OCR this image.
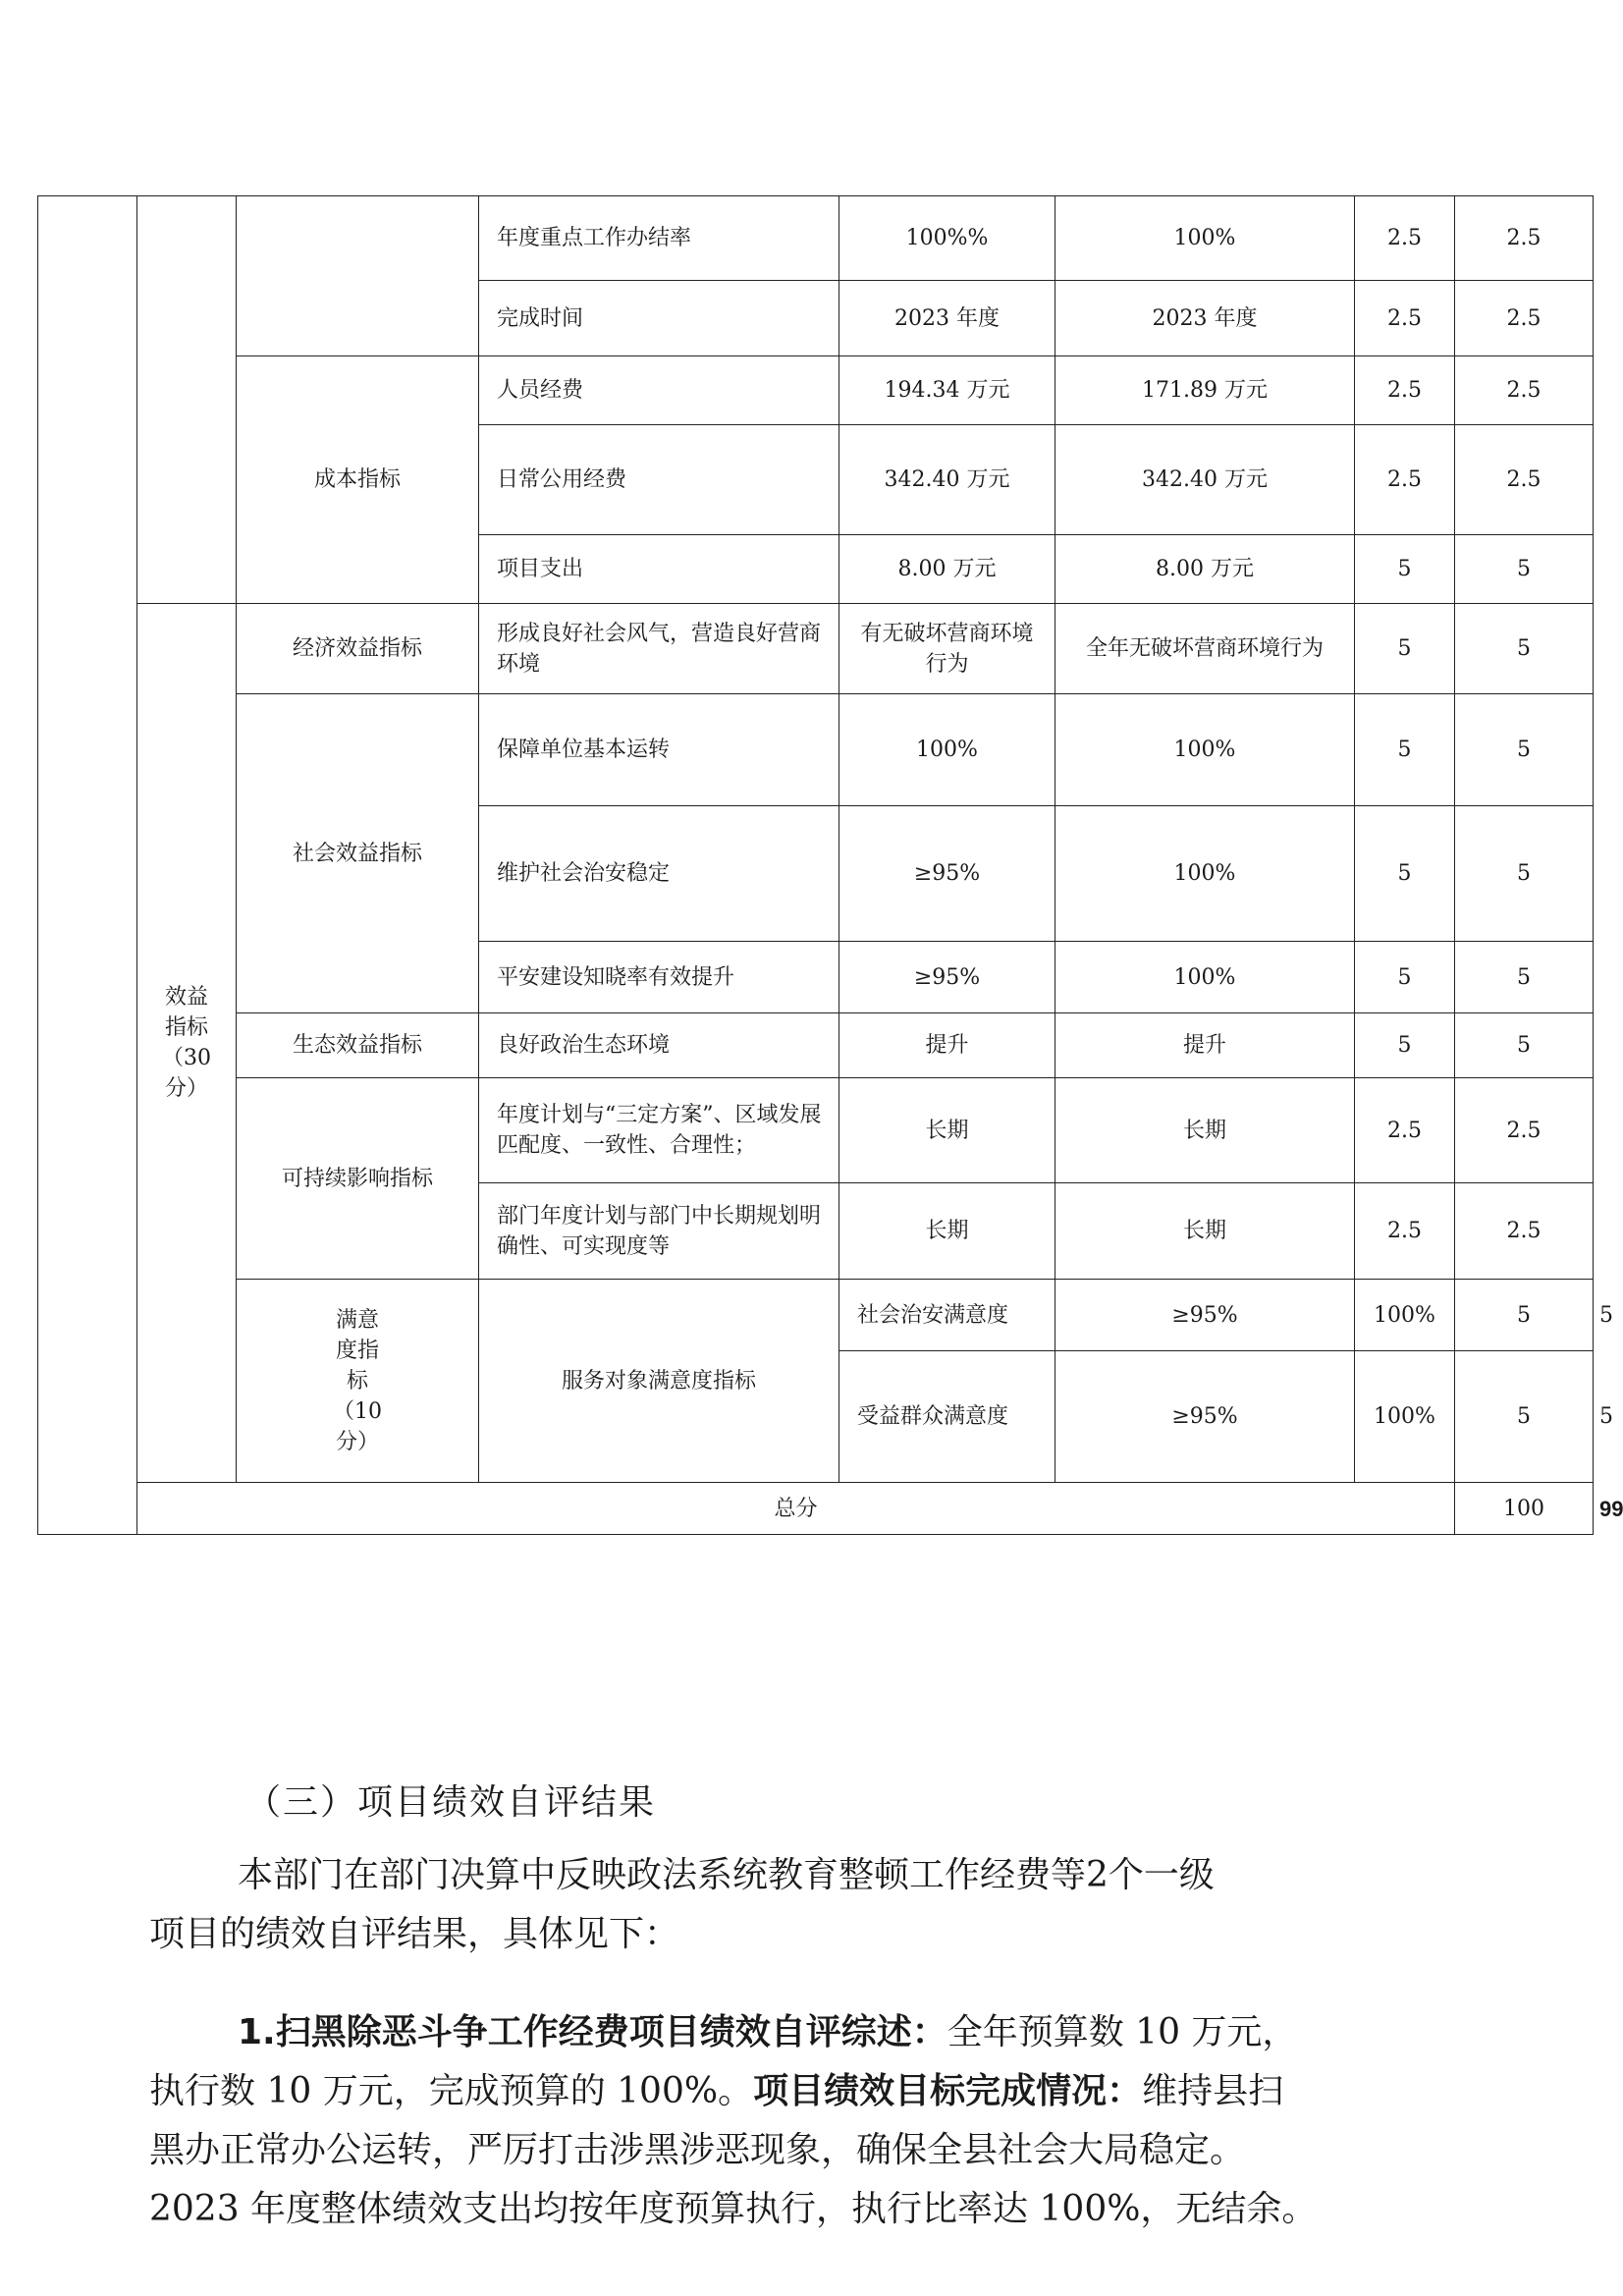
			年度重点工作办结率	100%%	100%	2.5	2.5	
			完成时间	2023 年度	2023 年度	2.5	2.5	
		成本指标	人员经费	194.34 万元	171.89 万元	2.5	2.5	
			日常公用经费	342.40 万元	342.40 万元	2.5	2.5	
			项目支出	8.00 万元	8.00 万元	5	5	

	效益指标（30分）	经济效益指标	形成良好社会风气，营造良好营商环境	有无破坏营商环境行为	全年无破坏营商环境行为	5	5	
		社会效益指标	保障单位基本运转	100%	100%	5	5	
			维护社会治安稳定	≥95%	100%	5	5	
			平安建设知晓率有效提升	≥95%	100%	5	5	
		生态效益指标	良好政治生态环境	提升	提升	5	5	
		可持续影响指标	年度计划与“三定方案”、区域发展匹配度、一致性、合理性；	长期	长期	2.5	2.5	
			部门年度计划与部门中长期规划明确性、可实现度等	长期	长期	2.5	2.5	

		满意度指标（10分）	服务对象满意度指标	社会治安满意度	≥95%	100%	5	5
				受益群众满意度	≥95%	100%	5	5
	总分						100	99
（三）项目绩效自评结果
本部门在部门决算中反映政法系统教育整顿工作经费等2个一级
项目的绩效自评结果，具体见下：
1.扫黑除恶斗争工作经费项目绩效自评综述：全年预算数 10 万元，
执行数 10 万元，完成预算的 100%。项目绩效目标完成情况：维持县扫
黑办正常办公运转，严厉打击涉黑涉恶现象，确保全县社会大局稳定。
2023 年度整体绩效支出均按年度预算执行，执行比率达 100%，无结余。
